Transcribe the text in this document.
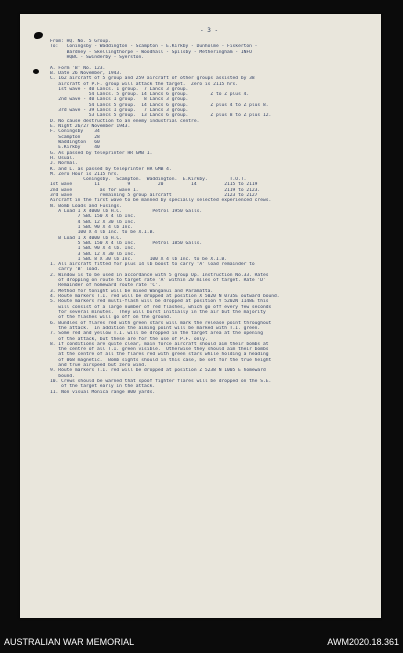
- 3 -
From: HQ. No. 5 Group.
To:   Coningsby - Waddington - Scampton - E.Kirkby - Dunholme - Fiskerton -
Bardney - Skellingthorpe - Woodhall - Spilsby - Metheringham - INFO
HQBC - Swinderby - Syerston.
A. Form 'B' No. 123.
B. Date 26 November, 1943.
C. 162 aircraft of 5 group and 259 aircraft of other groups assisted by 38
aircraft of P.F. group will attack the target.  Zero is 2115 hrs.
1st wave - 40 Lancs. 1 group.  7 Lancs 3 group.
54 Lancs. 5 group. 14 Lancs 6 group.        Z to Z plus 4.
2nd wave - 40 Lancs 1 group.   8 Lancs 3 group.
54 Lancs 5 group.  14 Lancs 6 group.        Z plus 4 to Z plus 8.
3rd wave - 39 Lancs 1 group.   7 Lancs 3 group.
53 Lancs 5 group.  13 Lancs 6 group.        Z plus 8 to Z plus 12.
D. No cause destruction to an enemy industrial centre.
E. Night 26/27 November 1943.
F. Coningsby    34
Scampton     28
Waddington   60
E.Kirkby     40
G. As passed by teleprinter HR GMB 1.
H. Usual.
J. Normal.
K. and L. as passed by teleprinter HR GMB 4.
M. Zero Hour is 2115 hrs.
Coningsby.  Scampton.  Waddington.  E.Kirkby.        T.O.T.
1st wave        11          9          20          14          2115 to 2119
2nd wave          as for wave 1.                               2119 to 2123.
3rd wave          remaining 5 group aircraft                   2123 to 2127
Aircraft in the first wave to be manned by specially selected experienced crews.
N. Bomb Loads and Fusings.
A Load 1 X 4000 lb H.C.           Petrol 1950 Galls.
7 SBC 150 X 4 lb Inc.
4 SBC 12 X 30 lb Inc.
1 SBC 90 X 4 lb Inc.
100 X 4 lb Inc. to be X.I.B.
B Load 1 X 4000 lb H.C.
5 SBC 150 X 4 lb Inc.      Petrol 1850 Galls.
1 SBC 90 X 4 lb. Inc.
3 SBC 12 X 30 lb Inc.
1 SBC 8 X 30 lb Inc.      100 X 4 lb Inc. to be X.I.B.
1. All aircraft fitted for plus 14 lb boost to carry 'A' load remainder to
carry 'B' load.
2. Window is to be used in accordance with 5 group Op. Instruction No.33. Rates
of dropping on route to target rate 'A' within 20 miles of target. Rate 'D'
Remainder of homeward route rate 'C'.
3. Method for tonight will be mixed Wanganui and Paramatta.
4. Route markers T.I. red will be dropped at position X 5020 N 0735E outward bound.
5. Route markers red multi-flash will be dropped at position Y 5202N 1148E this
will consist of a large number of red flashes, which go off every few seconds
for several minutes.  They will burst initially in the air but the majority
of the flashes will go off on the ground.
6. Bundles of flares red with green stars will mark the release point throughout
the attack.  In addition the aiming point will be marked with T.I. green.
7. Some red and yellow T.I. will be dropped in the target area at the opening
of the attack, but these are for the use of P.F. only.
8. If conditions are quite clear, main force aircraft should aim their bombs at
the centre of all T.I. green visible.  Otherwise they should aim their bombs
at the centre of all the flares red with green stars while holding a heading
of 068 magnetic.  Bomb sights should in this case, be set for the true height
and true airspeed but zero wind.
9. Route markers T.I. red will be dropped at position Z 5238 N 1005 E homeward
bound.
10. Crews should be warned that spoof fighter flares will be dropped on the S.E.
of the target early in the attack.
11. Non visual Monica range 800 yards.
AUSTRALIAN WAR MEMORIAL	AWM2020.18.361
